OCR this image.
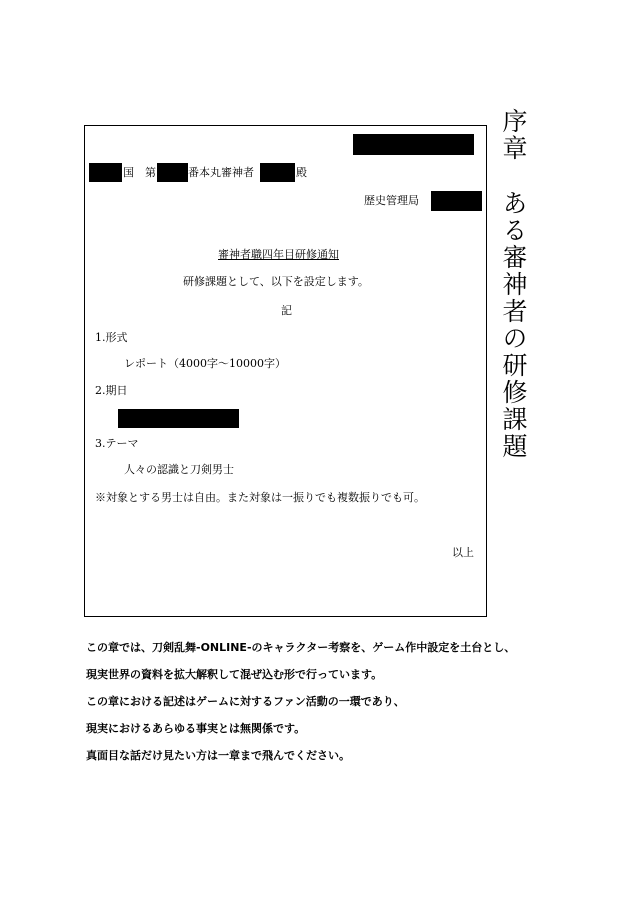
序章ある審神者の研修課題
国 第	番本丸審神者	殿
歴史管理局
審神者職四年目研修通知
研修課題として、以下を設定します。
記
1.形式
レポート（4000字～10000字）
2.期日
3.テーマ
人々の認識と刀剣男士
※対象とする男士は自由。また対象は一振りでも複数振りでも可。
以上
この章では、刀剣乱舞-ONLINE-のキャラクター考察を、ゲーム作中設定を土台とし、
現実世界の資料を拡大解釈して混ぜ込む形で行っています。
この章における記述はゲームに対するファン活動の一環であり、
現実におけるあらゆる事実とは無関係です。
真面目な話だけ見たい方は一章まで飛んでください。
